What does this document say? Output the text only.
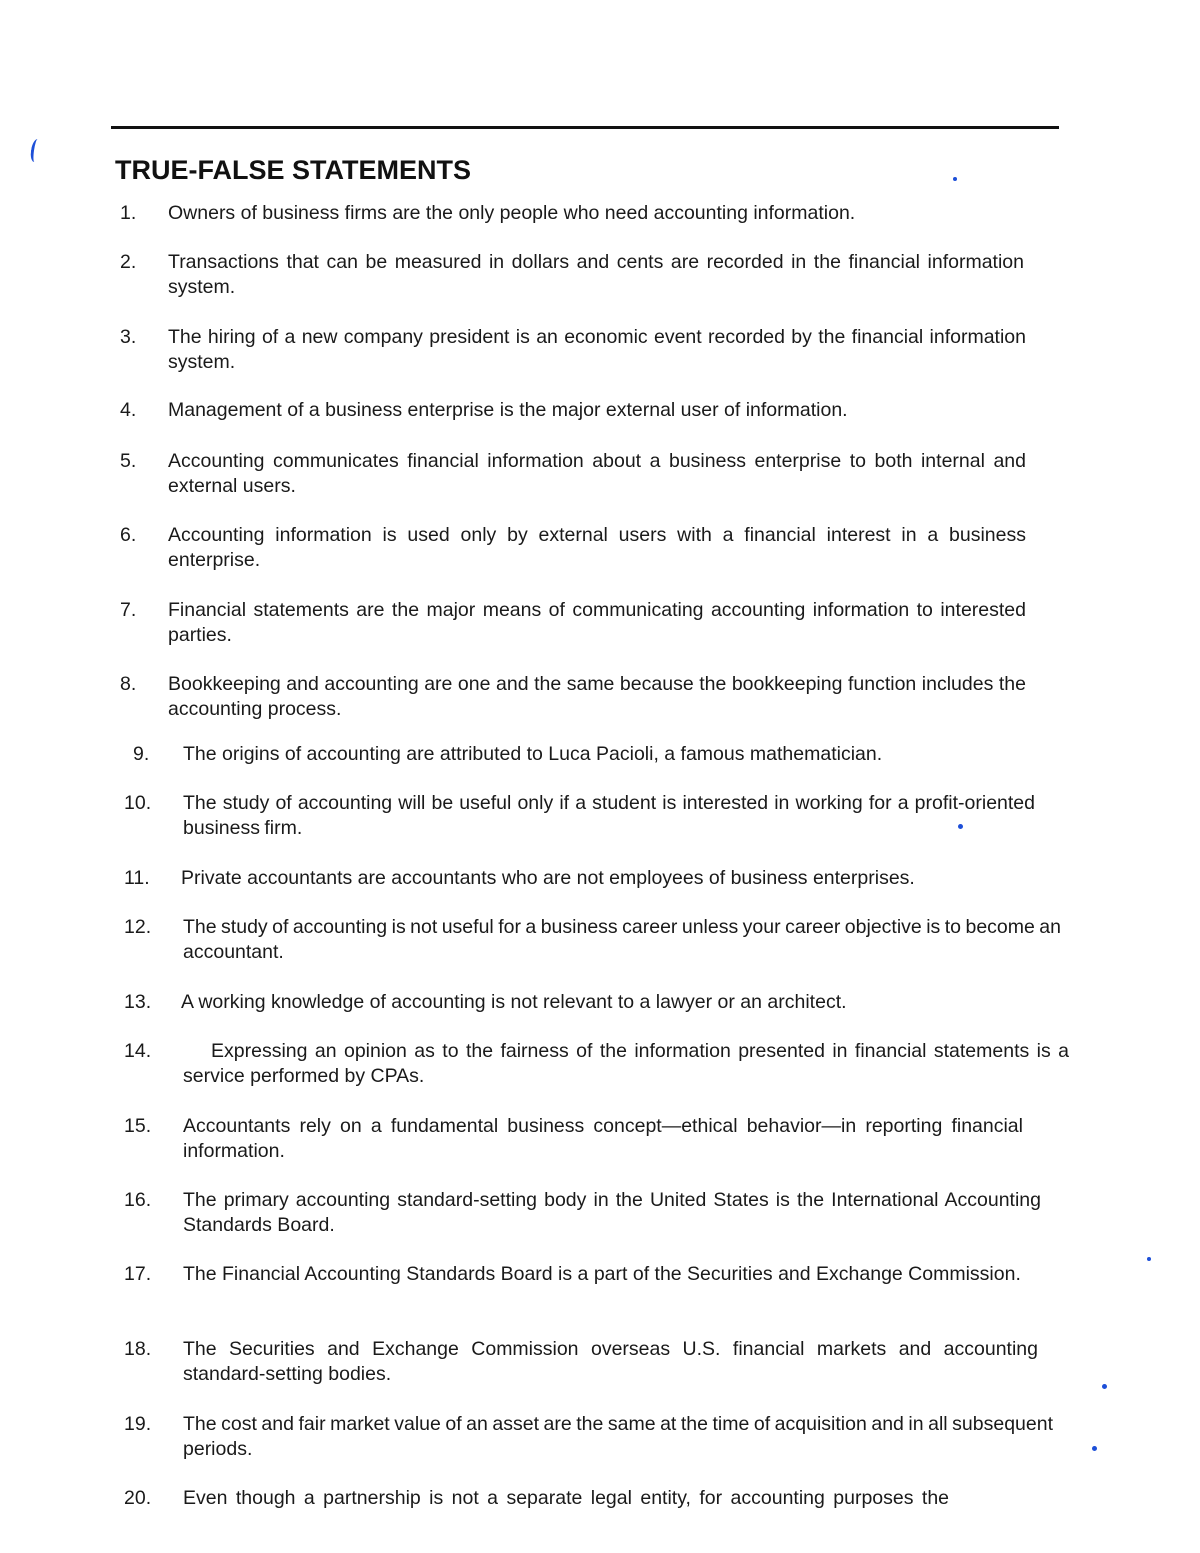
TRUE-FALSE STATEMENTS
1. Owners of business firms are the only people who need accounting information.
2. Transactions that can be measured in dollars and cents are recorded in the financial information system.
3. The hiring of a new company president is an economic event recorded by the financial information system.
4. Management of a business enterprise is the major external user of information.
5. Accounting communicates financial information about a business enterprise to both internal and external users.
6. Accounting information is used only by external users with a financial interest in a business enterprise.
7. Financial statements are the major means of communicating accounting information to interested parties.
8. Bookkeeping and accounting are one and the same because the bookkeeping function includes the accounting process.
9. The origins of accounting are attributed to Luca Pacioli, a famous mathematician.
10. The study of accounting will be useful only if a student is interested in working for a profit-oriented business firm.
11. Private accountants are accountants who are not employees of business enterprises.
12. The study of accounting is not useful for a business career unless your career objective is to become an accountant.
13. A working knowledge of accounting is not relevant to a lawyer or an architect.
14.	Expressing an opinion as to the fairness of the information presented in financial statements is a service performed by CPAs.
15. Accountants rely on a fundamental business concept—ethical behavior—in reporting financial information.
16. The primary accounting standard-setting body in the United States is the International Accounting Standards Board.
17. The Financial Accounting Standards Board is a part of the Securities and Exchange Commission.
18. The Securities and Exchange Commission overseas U.S. financial markets and accounting standard-setting bodies.
19. The cost and fair market value of an asset are the same at the time of acquisition and in all subsequent periods.
20. Even though a partnership is not a separate legal entity, for accounting purposes the
